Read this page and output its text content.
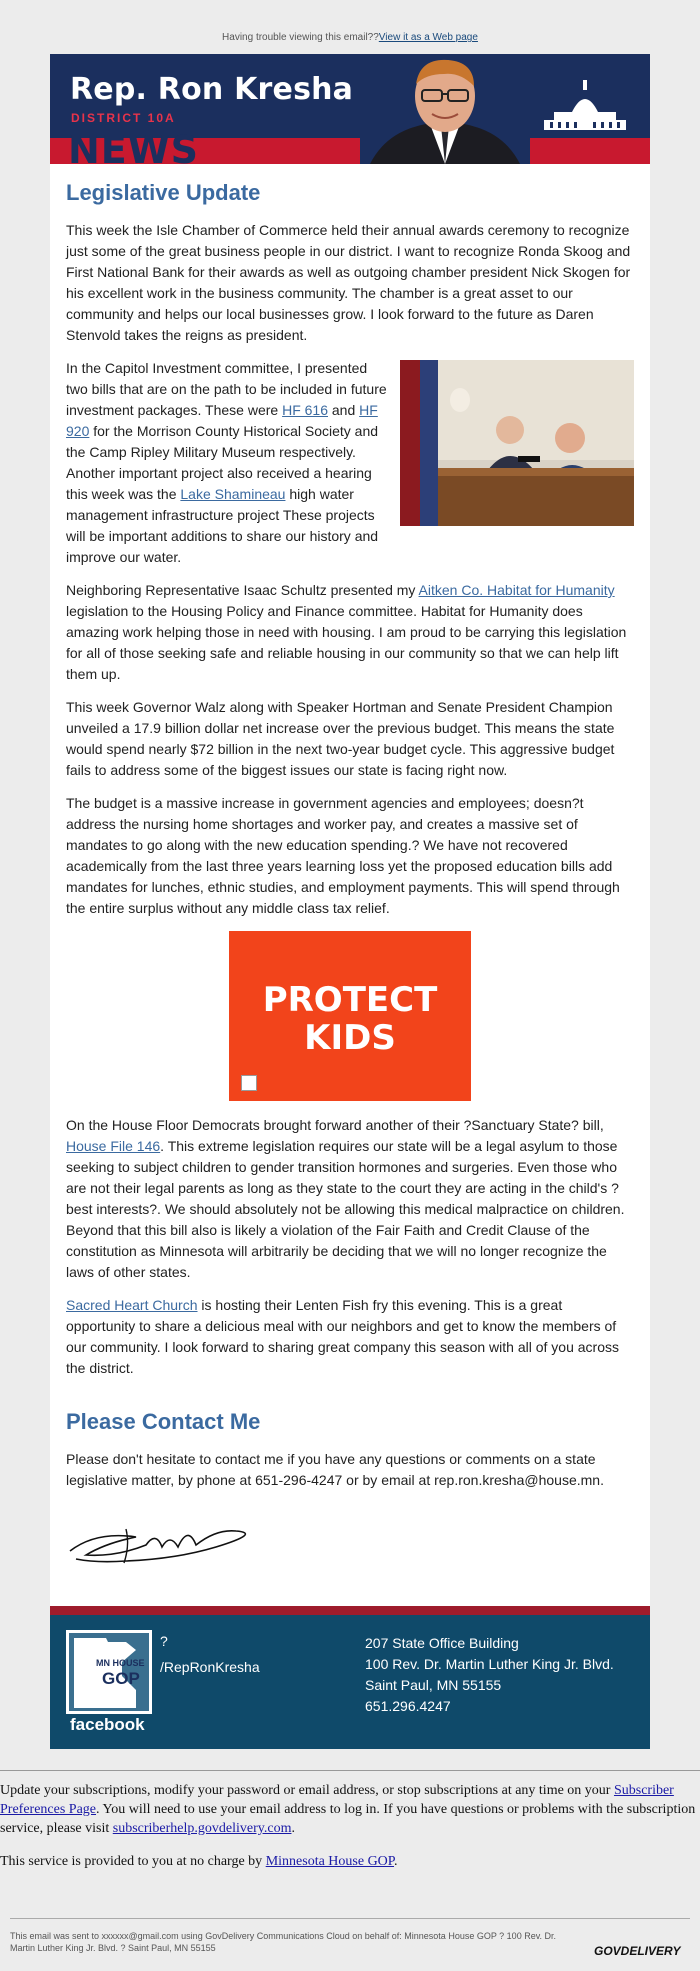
Having trouble viewing this email??View it as a Web page
Rep. Ron Kresha
DISTRICT 10A
NEWS
Legislative Update

This week the Isle Chamber of Commerce held their annual awards ceremony to recognize just some of the great business people in our district. I want to recognize Ronda Skoog and First National Bank for their awards as well as outgoing chamber president Nick Skogen for his excellent work in the business community. The chamber is a great asset to our community and helps our local businesses grow. I look forward to the future as Daren Stenvold takes the reigns as president.

In the Capitol Investment committee, I presented two bills that are on the path to be included in future investment packages. These were HF 616 and HF 920 for the Morrison County Historical Society and the Camp Ripley Military Museum respectively. Another important project also received a hearing this week was the Lake Shamineau high water management infrastructure project These projects will be important additions to share our history and improve our water.

Neighboring Representative Isaac Schultz presented my Aitken Co. Habitat for Humanity legislation to the Housing Policy and Finance committee. Habitat for Humanity does amazing work helping those in need with housing. I am proud to be carrying this legislation for all of those seeking safe and reliable housing in our community so that we can help lift them up.

This week Governor Walz along with Speaker Hortman and Senate President Champion unveiled a 17.9 billion dollar net increase over the previous budget. This means the state would spend nearly $72 billion in the next two-year budget cycle. This aggressive budget fails to address some of the biggest issues our state is facing right now.

The budget is a massive increase in government agencies and employees; doesn?t address the nursing home shortages and worker pay, and creates a massive set of mandates to go along with the new education spending.? We have not recovered academically from the last three years learning loss yet the proposed education bills add mandates for lunches, ethnic studies, and employment payments. This will spend through the entire surplus without any middle class tax relief.

PROTECT
KIDS

On the House Floor Democrats brought forward another of their ?Sanctuary State? bill, House File 146. This extreme legislation requires our state will be a legal asylum to those seeking to subject children to gender transition hormones and surgeries. Even those who are not their legal parents as long as they state to the court they are acting in the child's ?best interests?. We should absolutely not be allowing this medical malpractice on children. Beyond that this bill also is likely a violation of the Fair Faith and Credit Clause of the constitution as Minnesota will arbitrarily be deciding that we will no longer recognize the laws of other states.

Sacred Heart Church is hosting their Lenten Fish fry this evening. This is a great opportunity to share a delicious meal with our neighbors and get to know the members of our community. I look forward to sharing great company this season with all of you across the district.

Please Contact Me

Please don't hesitate to contact me if you have any questions or comments on a state legislative matter, by phone at 651-296-4247 or by email at rep.ron.kresha@house.mn.

MN HOUSE
GOP
facebook
?
/RepRonKresha
207 State Office Building
100 Rev. Dr. Martin Luther King Jr. Blvd.
Saint Paul, MN 55155
651.296.4247

Update your subscriptions, modify your password or email address, or stop subscriptions at any time on your Subscriber Preferences Page. You will need to use your email address to log in. If you have questions or problems with the subscription service, please visit subscriberhelp.govdelivery.com.

This service is provided to you at no charge by Minnesota House GOP.

This email was sent to xxxxxx@gmail.com using GovDelivery Communications Cloud on behalf of: Minnesota House GOP ? 100 Rev. Dr. Martin Luther King Jr. Blvd. ? Saint Paul, MN 55155	GOVDELIVERY
